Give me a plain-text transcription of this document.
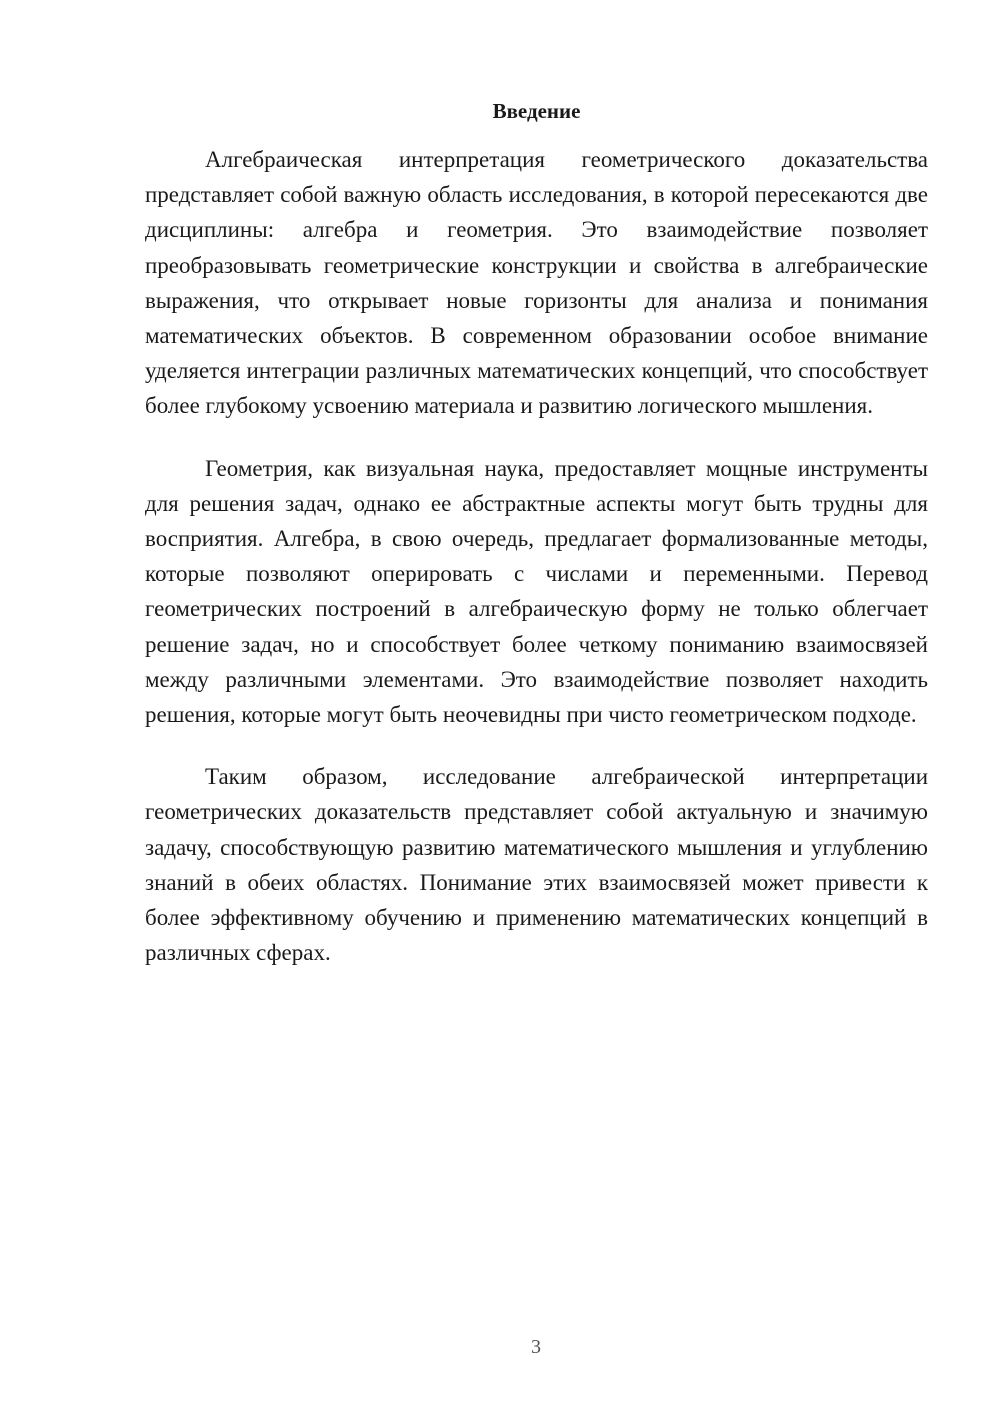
Введение

Алгебраическая интерпретация геометрического доказательства представляет собой важную область исследования, в которой пересекаются две дисциплины: алгебра и геометрия. Это взаимодействие позволяет преобразовывать геометрические конструкции и свойства в алгебраические выражения, что открывает новые горизонты для анализа и понимания математических объектов. В современном образовании особое внимание уделяется интеграции различных математических концепций, что способствует более глубокому усвоению материала и развитию логического мышления.

Геометрия, как визуальная наука, предоставляет мощные инструменты для решения задач, однако ее абстрактные аспекты могут быть трудны для восприятия. Алгебра, в свою очередь, предлагает формализованные методы, которые позволяют оперировать с числами и переменными. Перевод геометрических построений в алгебраическую форму не только облегчает решение задач, но и способствует более четкому пониманию взаимосвязей между различными элементами. Это взаимодействие позволяет находить решения, которые могут быть неочевидны при чисто геометрическом подходе.

Таким образом, исследование алгебраической интерпретации геометрических доказательств представляет собой актуальную и значимую задачу, способствующую развитию математического мышления и углублению знаний в обеих областях. Понимание этих взаимосвязей может привести к более эффективному обучению и применению математических концепций в различных сферах.

3
